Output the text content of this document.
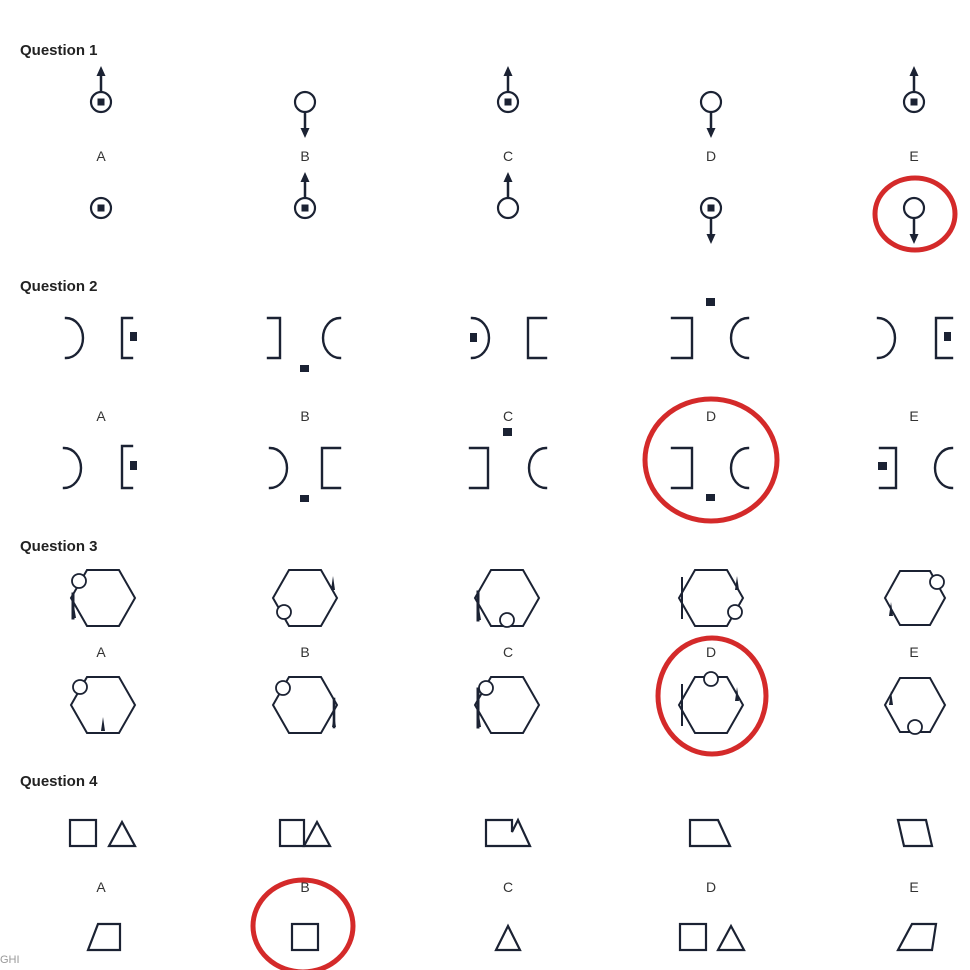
Question 1
Question 2
Question 3
Question 4
A	B	C	D	E
A	B	C	D	E
A	B	C	D	E
A	B	C	D	E
GHI
